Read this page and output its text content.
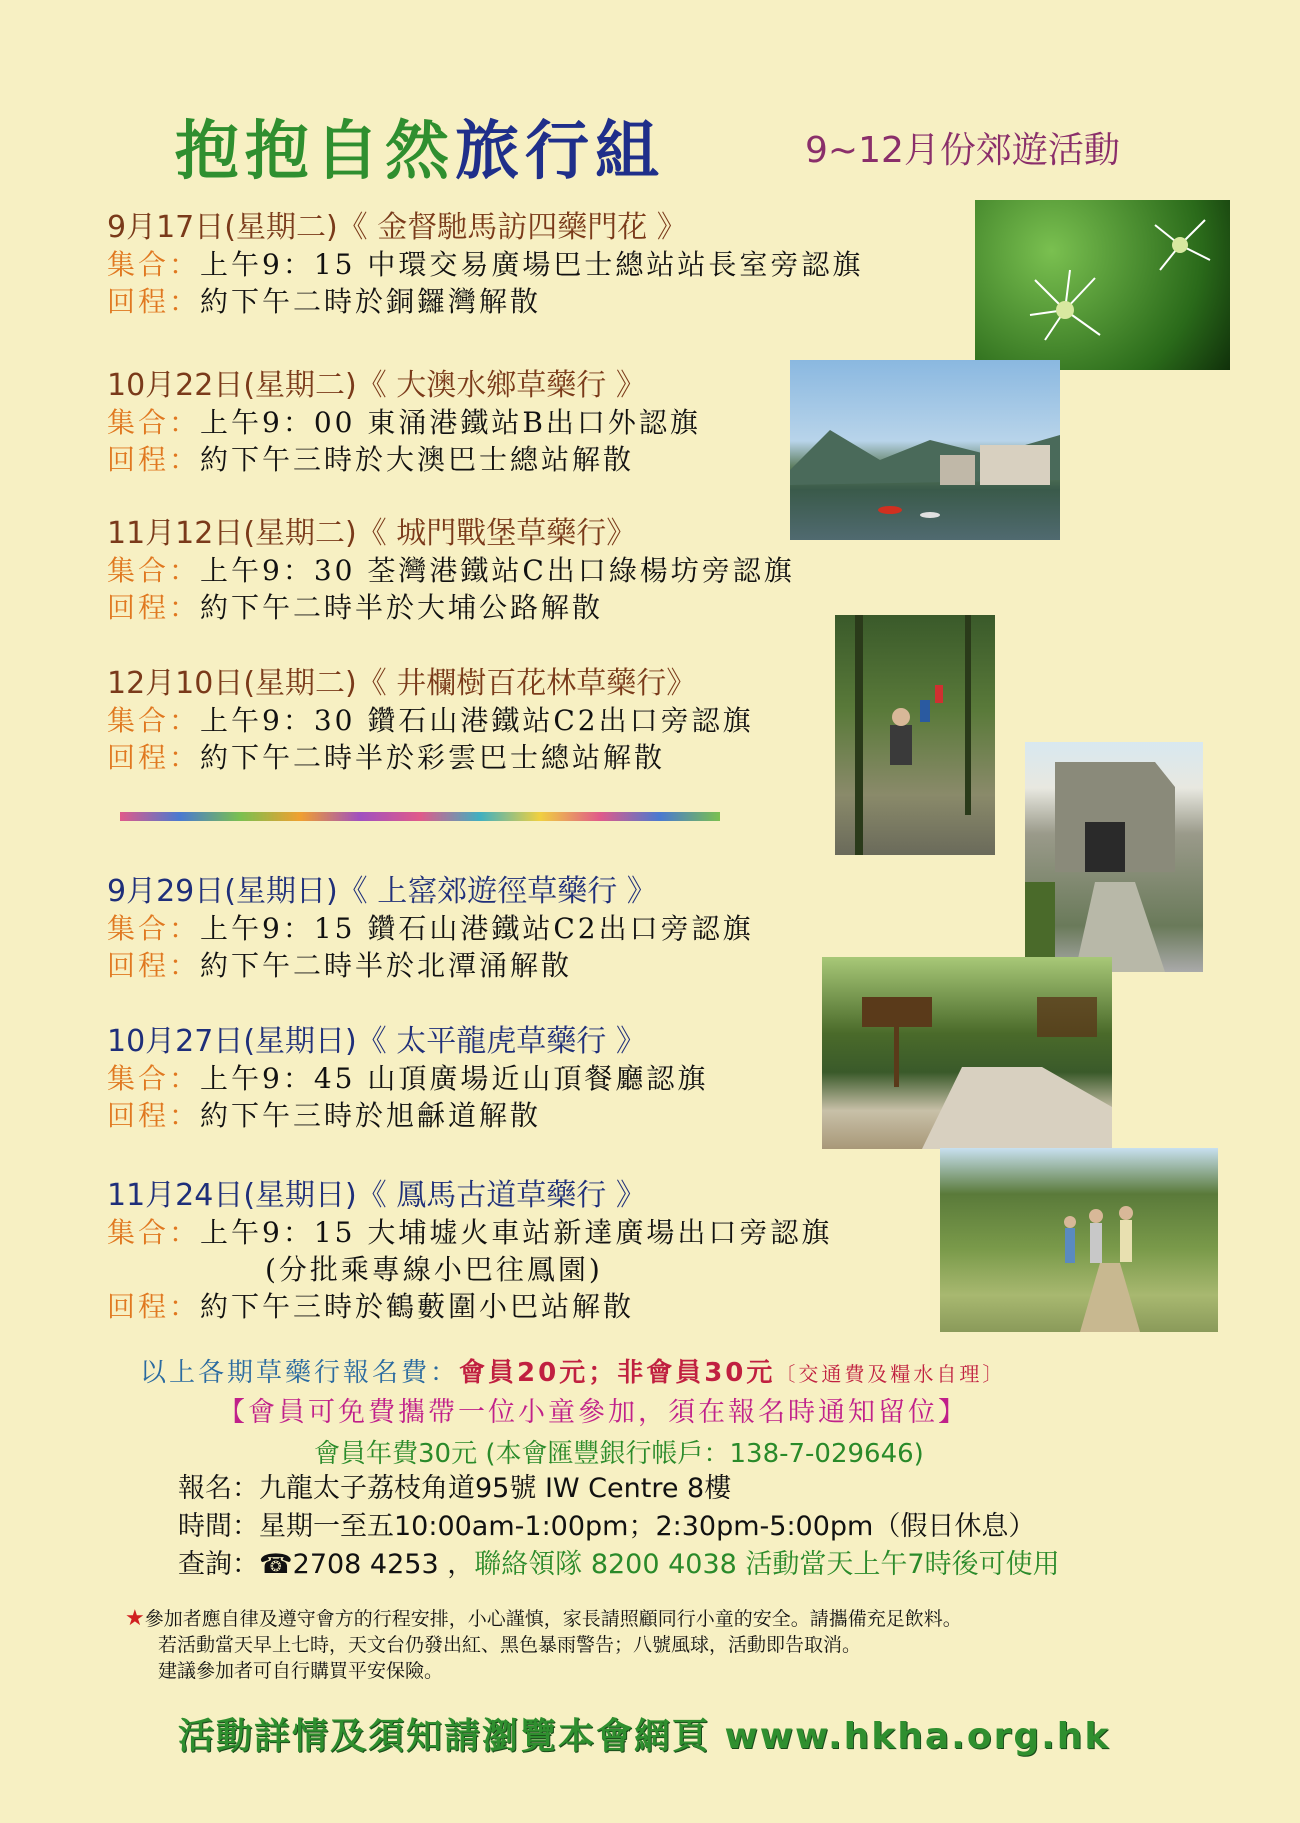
抱抱自然旅行組	9~12月份郊遊活動
9月17日(星期二)《 金督馳馬訪四藥門花 》
集合：上午9：15 中環交易廣場巴士總站站長室旁認旗
回程：約下午二時於銅鑼灣解散
10月22日(星期二)《 大澳水鄉草藥行 》
集合：上午9：00 東涌港鐵站B出口外認旗
回程：約下午三時於大澳巴士總站解散
11月12日(星期二)《 城門戰堡草藥行》
集合：上午9：30 荃灣港鐵站C出口綠楊坊旁認旗
回程：約下午二時半於大埔公路解散
12月10日(星期二)《 井欄樹百花林草藥行》
集合：上午9：30 鑽石山港鐵站C2出口旁認旗
回程：約下午二時半於彩雲巴士總站解散
9月29日(星期日)《 上窰郊遊徑草藥行 》
集合：上午9：15 鑽石山港鐵站C2出口旁認旗
回程：約下午二時半於北潭涌解散
10月27日(星期日)《 太平龍虎草藥行 》
集合：上午9：45 山頂廣場近山頂餐廳認旗
回程：約下午三時於旭龢道解散
11月24日(星期日)《 鳳馬古道草藥行 》
集合：上午9：15 大埔墟火車站新達廣場出口旁認旗
(分批乘專線小巴往鳳園)
回程：約下午三時於鶴藪圍小巴站解散
以上各期草藥行報名費：會員20元；非會員30元〔交通費及糧水自理〕
【會員可免費攜帶一位小童參加，須在報名時通知留位】
會員年費30元 (本會匯豐銀行帳戶：138-7-029646)
報名：九龍太子荔枝角道95號 IW Centre 8樓
時間：星期一至五10:00am-1:00pm；2:30pm-5:00pm（假日休息）
查詢：☎2708 4253 ，聯絡領隊 8200 4038 活動當天上午7時後可使用
★參加者應自律及遵守會方的行程安排，小心謹慎，家長請照顧同行小童的安全。請攜備充足飲料。
若活動當天早上七時，天文台仍發出紅、黑色暴雨警告；八號風球，活動即告取消。
建議參加者可自行購買平安保險。
活動詳情及須知請瀏覽本會網頁 www.hkha.org.hk
